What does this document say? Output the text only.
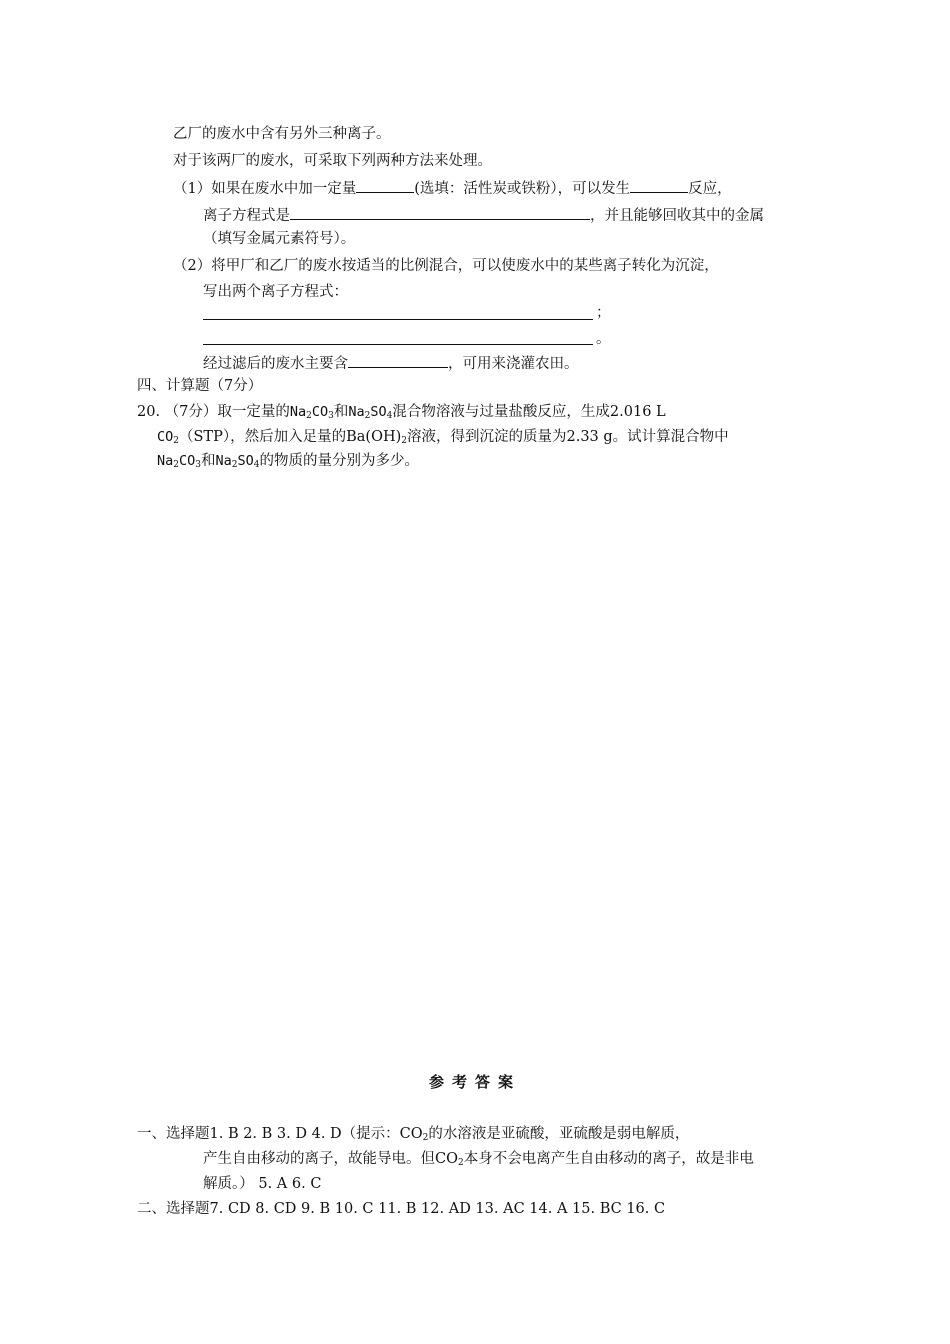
乙厂的废水中含有另外三种离子。
对于该两厂的废水，可采取下列两种方法来处理。
（1）如果在废水中加一定量	(选填：活性炭或铁粉），可以发生	反应，
离子方程式是	，并且能够回收其中的金属
（填写金属元素符号）。
（2）将甲厂和乙厂的废水按适当的比例混合，可以使废水中的某些离子转化为沉淀，
写出两个离子方程式：
；
。
经过滤后的废水主要含	，可用来浇灌农田。
四、计算题（7分）
20. （7分）取一定量的$Na_2CO_3$和$Na_2SO_4$混合物溶液与过量盐酸反应，生成2.016 L
$CO_2(STP)$，然后加入足量的$Ba(OH)_2$溶液，得到沉淀的质量为2.33 g。试计算混合物中
$Na_2CO_3$和$Na_2SO_4$的物质的量分别为多少。
参考答案
一、选择题1. B 2. B 3. D 4. D（提示：$CO_2$的水溶液是亚硫酸，亚硫酸是弱电解质，
产生自由移动的离子，故能导电。但$CO_2$本身不会电离产生自由移动的离子，故是非电
解质。） 5. A 6. C
二、选择题7. CD 8. CD 9. B 10. C 11. B 12. AD 13. AC 14. A 15. BC 16. C
